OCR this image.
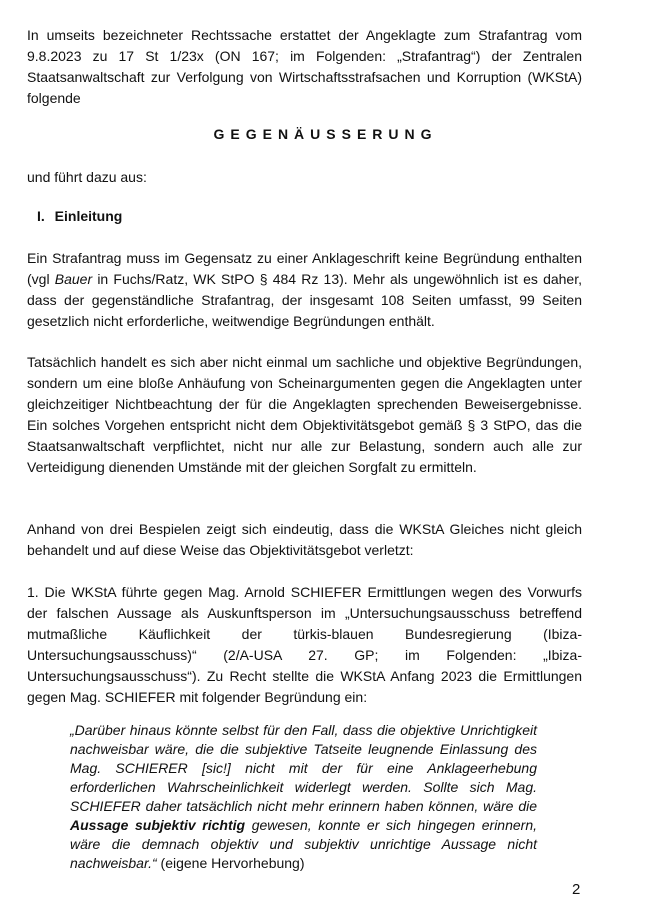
In umseits bezeichneter Rechtssache erstattet der Angeklagte zum Strafantrag vom 9.8.2023 zu 17 St 1/23x (ON 167; im Folgenden: „Strafantrag“) der Zentralen Staatsanwaltschaft zur Verfolgung von Wirtschaftsstrafsachen und Korruption (WKStA) folgende

GEGENÄUSSERUNG

und führt dazu aus:

I. Einleitung

Ein Strafantrag muss im Gegensatz zu einer Anklageschrift keine Begründung enthalten (vgl Bauer in Fuchs/Ratz, WK StPO § 484 Rz 13). Mehr als ungewöhnlich ist es daher, dass der gegenständliche Strafantrag, der insgesamt 108 Seiten umfasst, 99 Seiten gesetzlich nicht erforderliche, weitwendige Begründungen enthält.

Tatsächlich handelt es sich aber nicht einmal um sachliche und objektive Begründungen, sondern um eine bloße Anhäufung von Scheinargumenten gegen die Angeklagten unter gleichzeitiger Nichtbeachtung der für die Angeklagten sprechenden Beweisergebnisse. Ein solches Vorgehen entspricht nicht dem Objektivitätsgebot gemäß § 3 StPO, das die Staatsanwaltschaft verpflichtet, nicht nur alle zur Belastung, sondern auch alle zur Verteidigung dienenden Umstände mit der gleichen Sorgfalt zu ermitteln.

Anhand von drei Bespielen zeigt sich eindeutig, dass die WKStA Gleiches nicht gleich behandelt und auf diese Weise das Objektivitätsgebot verletzt:

1. Die WKStA führte gegen Mag. Arnold SCHIEFER Ermittlungen wegen des Vorwurfs der falschen Aussage als Auskunftsperson im „Untersuchungsausschuss betreffend mutmaßliche Käuflichkeit der türkis-blauen Bundesregierung (Ibiza-Untersuchungsausschuss)“ (2/A-USA 27. GP; im Folgenden: „Ibiza-Untersuchungsausschuss“). Zu Recht stellte die WKStA Anfang 2023 die Ermittlungen gegen Mag. SCHIEFER mit folgender Begründung ein:

„Darüber hinaus könnte selbst für den Fall, dass die objektive Unrichtigkeit nachweisbar wäre, die die subjektive Tatseite leugnende Einlassung des Mag. SCHIERER [sic!] nicht mit der für eine Anklageerhebung erforderlichen Wahrscheinlichkeit widerlegt werden. Sollte sich Mag. SCHIEFER daher tatsächlich nicht mehr erinnern haben können, wäre die Aussage subjektiv richtig gewesen, konnte er sich hingegen erinnern, wäre die demnach objektiv und subjektiv unrichtige Aussage nicht nachweisbar.“ (eigene Hervorhebung)

2
